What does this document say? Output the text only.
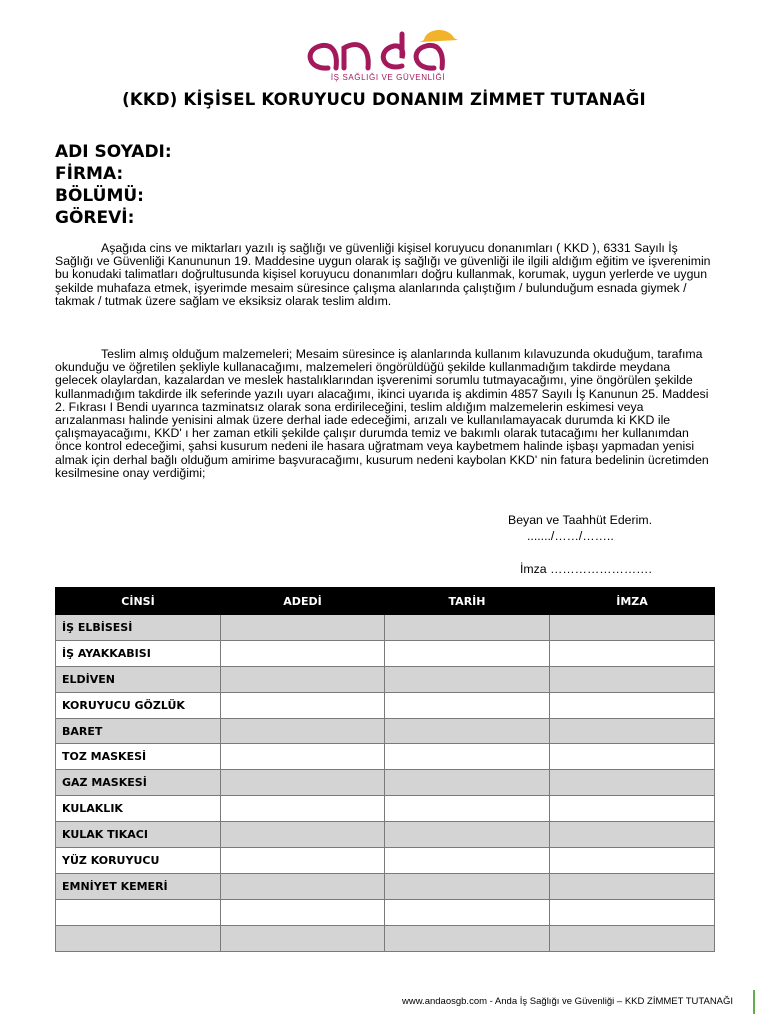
İŞ SAĞLIĞI VE GÜVENLİĞİ
(KKD) KİŞİSEL KORUYUCU DONANIM ZİMMET TUTANAĞI
ADI SOYADI:
FİRMA:
BÖLÜMÜ:
GÖREVİ:

Aşağıda cins ve miktarları yazılı iş sağlığı ve güvenliği kişisel koruyucu donanımları ( KKD ), 6331 Sayılı İş Sağlığı ve Güvenliği Kanununun 19. Maddesine uygun olarak iş sağlığı ve güvenliği ile ilgili aldığım eğitim ve işverenimin bu konudaki talimatları doğrultusunda kişisel koruyucu donanımları doğru kullanmak, korumak, uygun yerlerde ve uygun şekilde muhafaza etmek, işyerimde mesaim süresince çalışma alanlarında çalıştığım / bulunduğum esnada giymek / takmak / tutmak üzere sağlam ve eksiksiz olarak teslim aldım.

Teslim almış olduğum malzemeleri; Mesaim süresince iş alanlarında kullanım kılavuzunda okuduğum, tarafıma okunduğu ve öğretilen şekliyle kullanacağımı, malzemeleri öngörüldüğü şekilde kullanmadığım takdirde meydana gelecek olaylardan, kazalardan ve meslek hastalıklarından işverenimi sorumlu tutmayacağımı, yine öngörülen şekilde kullanmadığım takdirde ilk seferinde yazılı uyarı alacağımı, ikinci uyarıda iş akdimin 4857 Sayılı İş Kanunun 25. Maddesi 2. Fıkrası I Bendi uyarınca tazminatsız olarak sona erdirileceğini, teslim aldığım malzemelerin eskimesi veya arızalanması halinde yenisini almak üzere derhal iade edeceğimi, arızalı ve kullanılamayacak durumda ki KKD ile çalışmayacağımı, KKD' ı her zaman etkili şekilde çalışır durumda temiz ve bakımlı olarak tutacağımı her kullanımdan önce kontrol edeceğimi, şahsi kusurum nedeni ile hasara uğratmam veya kaybetmem halinde işbaşı yapmadan yenisi almak için derhal bağlı olduğum amirime başvuracağımı, kusurum nedeni kaybolan KKD' nin fatura bedelinin ücretimden kesilmesine onay verdiğimi;

Beyan ve Taahhüt Ederim.
......./……/……..
İmza …………………….
CİNSİ	ADEDİ	TARİH	İMZA
İŞ ELBİSESİ			
İŞ AYAKKABISI			
ELDİVEN			
KORUYUCU GÖZLÜK			
BARET			
TOZ MASKESİ			
GAZ MASKESİ			
KULAKLIK			
KULAK TIKACI			
YÜZ KORUYUCU			
EMNİYET KEMERİ			

www.andaosgb.com - Anda İş Sağlığı ve Güvenliği – KKD ZİMMET TUTANAĞI
